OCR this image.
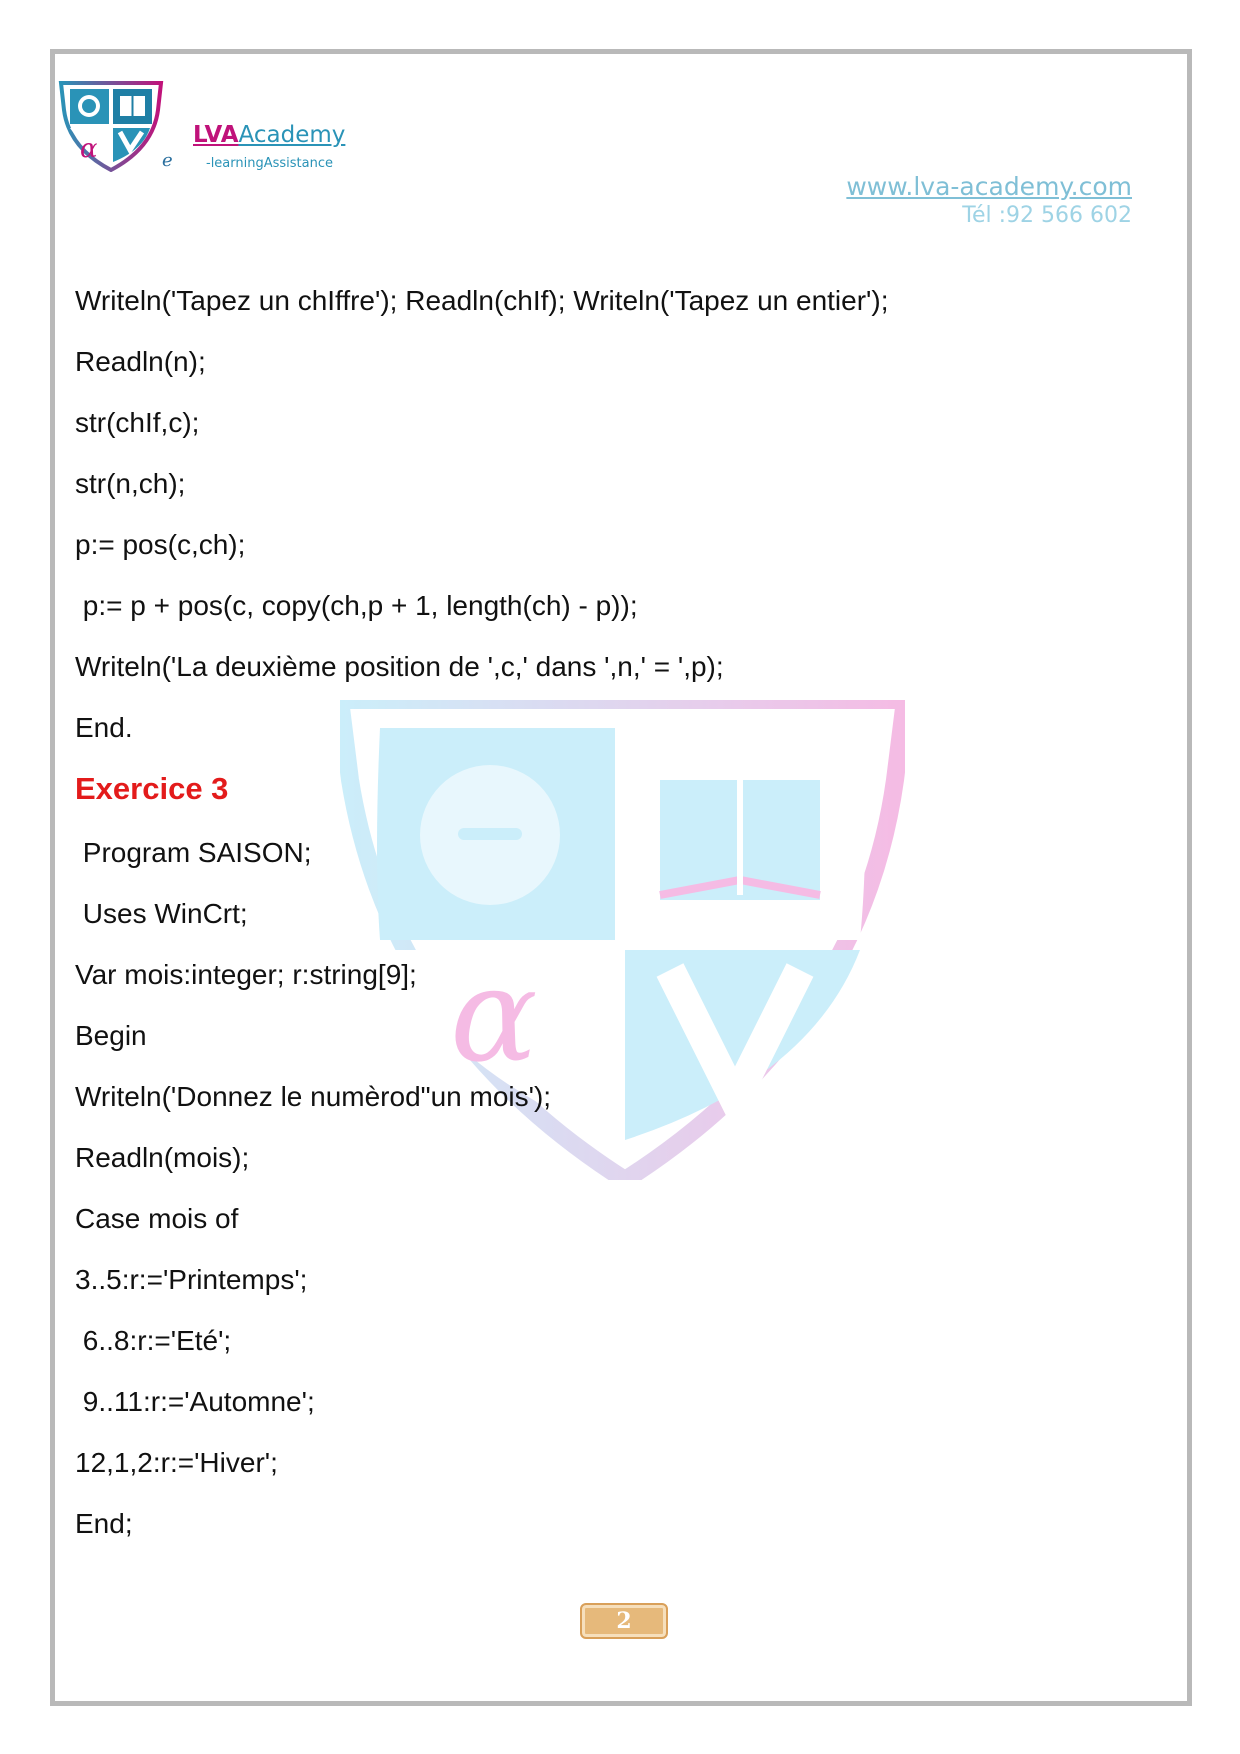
α	e
LVAAcademy
-learningAssistance
www.lva-academy.com
Tél :92 566 602
α
Writeln('Tapez un chIffre'); Readln(chIf); Writeln('Tapez un entier');
Readln(n);
str(chIf,c);
str(n,ch);
p:= pos(c,ch);
p:= p + pos(c, copy(ch,p + 1, length(ch) - p));
Writeln('La deuxième position de ',c,' dans ',n,' = ',p);
End.
Exercice 3
Program SAISON;
Uses WinCrt;
Var mois:integer; r:string[9];
Begin
Writeln('Donnez le numèrod"un mois');
Readln(mois);
Case mois of
3..5:r:='Printemps';
6..8:r:='Eté';
9..11:r:='Automne';
12,1,2:r:='Hiver';
End;
2
